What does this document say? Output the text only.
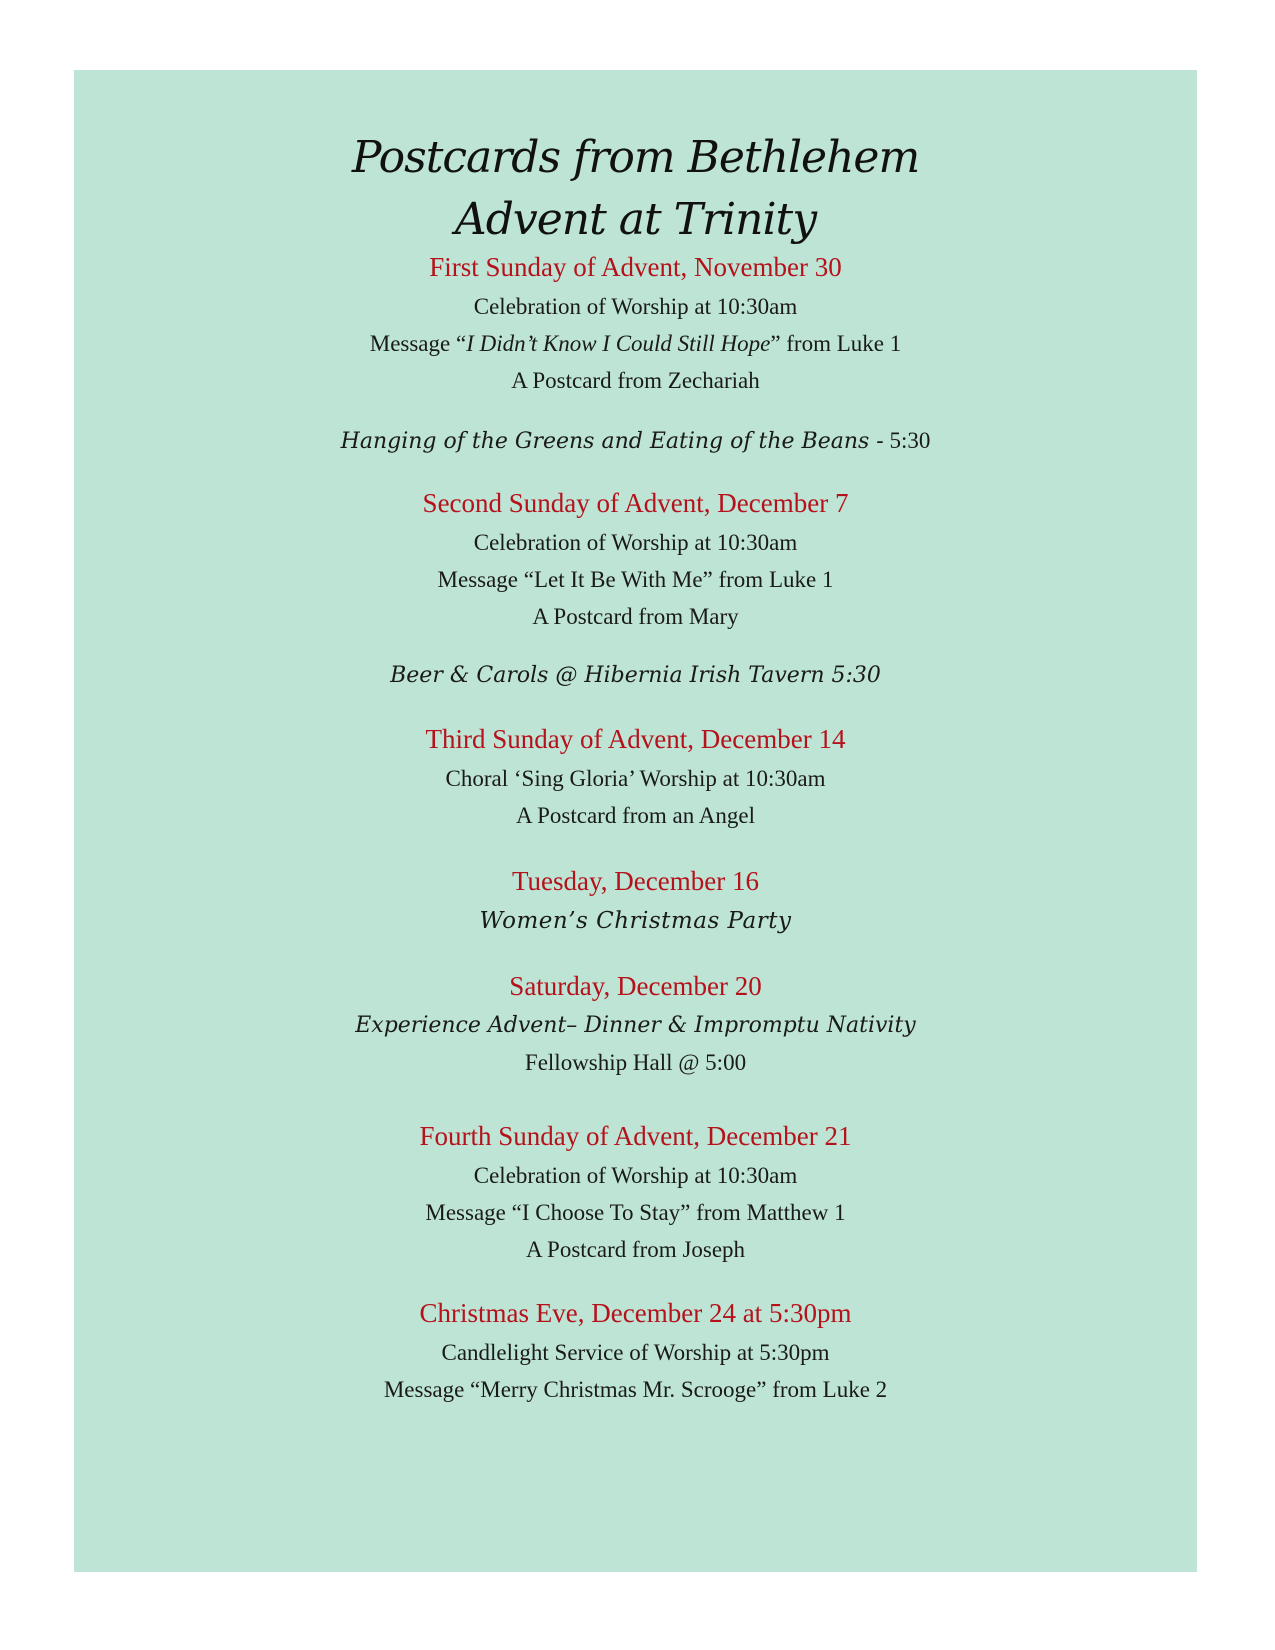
Postcards from Bethlehem
Advent at Trinity
First Sunday of Advent, November 30
Celebration of Worship at 10:30am
Message “I Didn’t Know I Could Still Hope” from Luke 1
A Postcard from Zechariah
Hanging of the Greens and Eating of the Beans - 5:30
Second Sunday of Advent, December 7
Celebration of Worship at 10:30am
Message “Let It Be With Me” from Luke 1
A Postcard from Mary
Beer & Carols @ Hibernia Irish Tavern 5:30
Third Sunday of Advent, December 14
Choral ‘Sing Gloria’ Worship at 10:30am
A Postcard from an Angel
Tuesday, December 16
Women’s Christmas Party
Saturday, December 20
Experience Advent– Dinner & Impromptu Nativity
Fellowship Hall @ 5:00
Fourth Sunday of Advent, December 21
Celebration of Worship at 10:30am
Message “I Choose To Stay” from Matthew 1
A Postcard from Joseph
Christmas Eve, December 24 at 5:30pm
Candlelight Service of Worship at 5:30pm
Message “Merry Christmas Mr. Scrooge” from Luke 2
